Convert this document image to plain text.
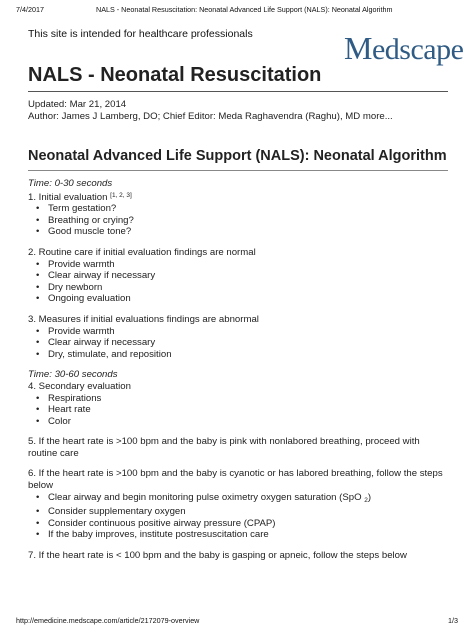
7/4/2017	NALS - Neonatal Resuscitation: Neonatal Advanced Life Support (NALS): Neonatal Algorithm
This site is intended for healthcare professionals	Medscape
NALS - Neonatal Resuscitation
Updated: Mar 21, 2014
Author: James J Lamberg, DO; Chief Editor: Meda Raghavendra (Raghu), MD more...
Neonatal Advanced Life Support (NALS): Neonatal Algorithm

Time: 0-30 seconds

1. Initial evaluation [1, 2, 3]

• Term gestation?
• Breathing or crying?
• Good muscle tone?

2. Routine care if initial evaluation findings are normal

• Provide warmth
• Clear airway if necessary
• Dry newborn
• Ongoing evaluation

3. Measures if initial evaluations findings are abnormal

• Provide warmth
• Clear airway if necessary
• Dry, stimulate, and reposition

Time: 30-60 seconds

4. Secondary evaluation

• Respirations
• Heart rate
• Color

5. If the heart rate is >100 bpm and the baby is pink with nonlabored breathing, proceed with routine care

6. If the heart rate is >100 bpm and the baby is cyanotic or has labored breathing, follow the steps below

• Clear airway and begin monitoring pulse oximetry oxygen saturation (SpO $_2$)
• Consider supplementary oxygen
• Consider continuous positive airway pressure (CPAP)
• If the baby improves, institute postresuscitation care

7. If the heart rate is < 100 bpm and the baby is gasping or apneic, follow the steps below

http://emedicine.medscape.com/article/2172079-overview	1/3
